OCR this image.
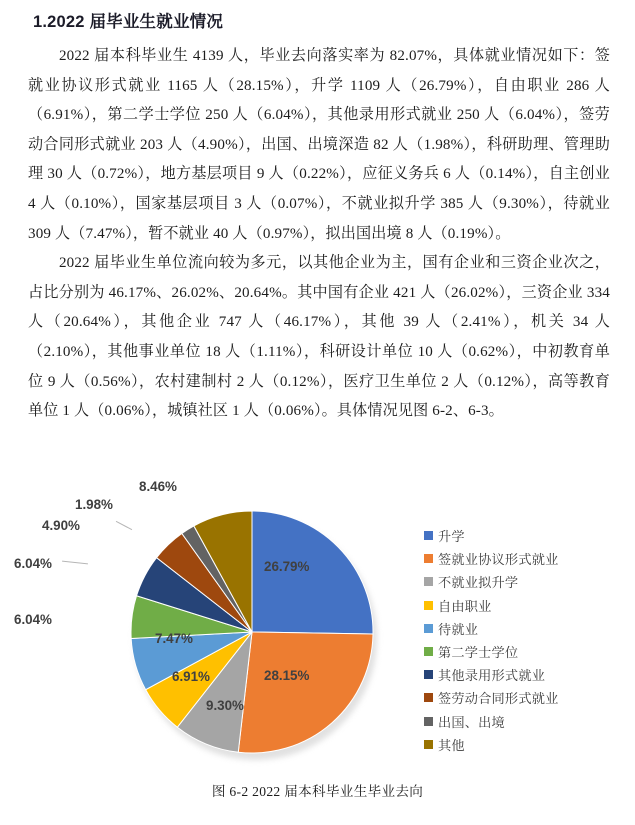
1.2022 届毕业生就业情况

2022 届本科毕业生 4139 人，毕业去向落实率为 82.07%，具体就业情况如下：签就业协议形式就业 1165 人（28.15%），升学 1109 人（26.79%），自由职业 286 人（6.91%），第二学士学位 250 人（6.04%），其他录用形式就业 250 人（6.04%），签劳动合同形式就业 203 人（4.90%），出国、出境深造 82 人（1.98%），科研助理、管理助理 30 人（0.72%），地方基层项目 9 人（0.22%），应征义务兵 6 人（0.14%），自主创业 4 人（0.10%），国家基层项目 3 人（0.07%），不就业拟升学 385 人（9.30%），待就业 309 人（7.47%），暂不就业 40 人（0.97%），拟出国出境 8 人（0.19%）。

2022 届毕业生单位流向较为多元，以其他企业为主，国有企业和三资企业次之，占比分别为 46.17%、26.02%、20.64%。其中国有企业 421 人（26.02%），三资企业 334 人（20.64%），其他企业 747 人（46.17%），其他 39 人（2.41%），机关 34 人（2.10%），其他事业单位 18 人（1.11%），科研设计单位 10 人（0.62%），中初教育单位 9 人（0.56%），农村建制村 2 人（0.12%），医疗卫生单位 2 人（0.12%），高等教育单位 1 人（0.06%），城镇社区 1 人（0.06%）。具体情况见图 6-2、6-3。

26.79%
28.15%
9.30%
6.91%
7.47%
6.04%
6.04%
4.90%
1.98%
8.46%
升学
签就业协议形式就业
不就业拟升学
自由职业
待就业
第二学士学位
其他录用形式就业
签劳动合同形式就业
出国、出境
其他
图 6-2 2022 届本科毕业生毕业去向
